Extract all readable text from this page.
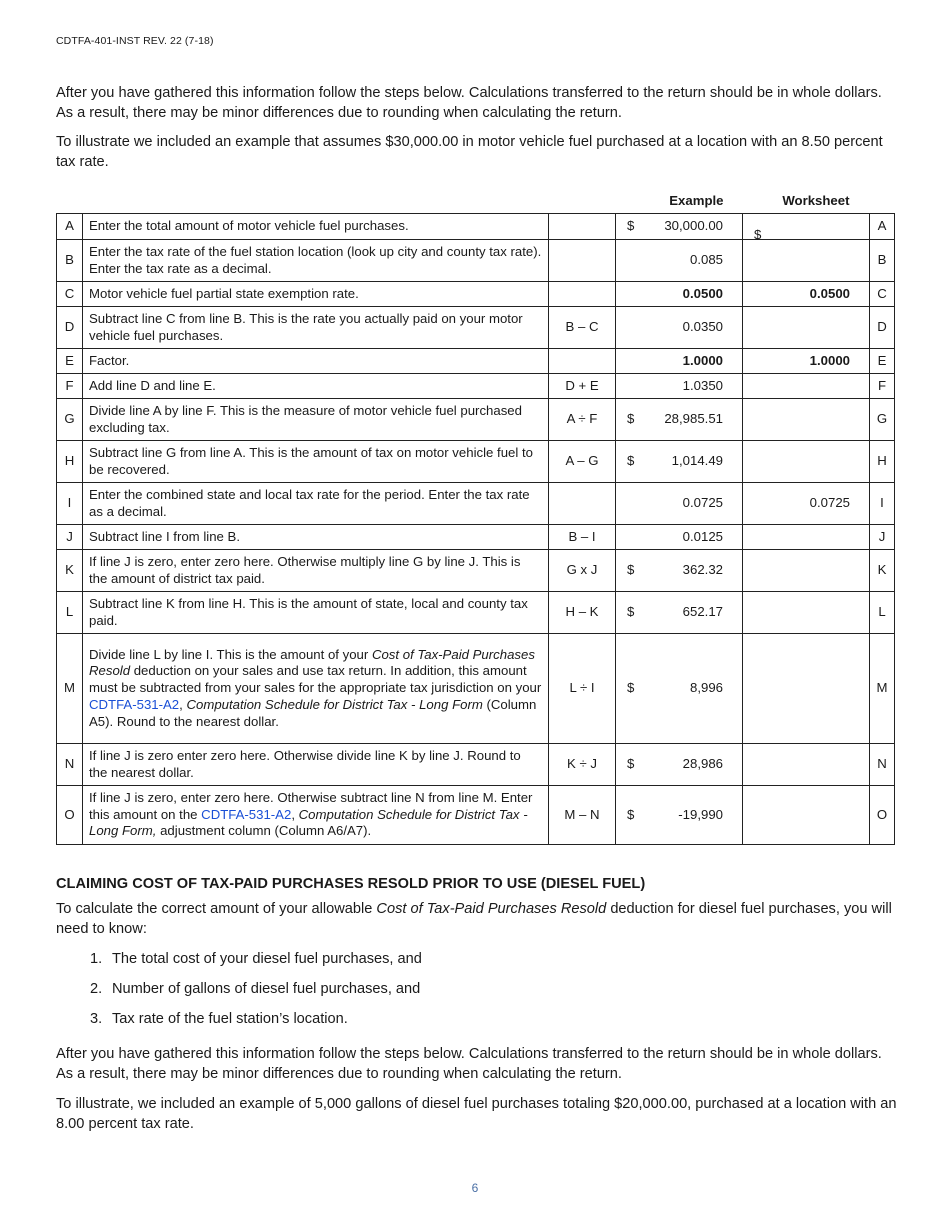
CDTFA-401-INST REV. 22 (7-18)

After you have gathered this information follow the steps below. Calculations transferred to the return should be in whole dollars. As a result, there may be minor differences due to rounding when calculating the return.

To illustrate we included an example that assumes $30,000.00 in motor vehicle fuel purchased at a location with an 8.50 percent tax rate.

			Example	Worksheet	
A	Enter the total amount of motor vehicle fuel purchases.		$ 30,000.00	$	A
B	Enter the tax rate of the fuel station location (look up city and county tax rate). Enter the tax rate as a decimal.		0.085		B
C	Motor vehicle fuel partial state exemption rate.		0.0500	0.0500	C
D	Subtract line C from line B. This is the rate you actually paid on your motor vehicle fuel purchases.	B – C	0.0350		D
E	Factor.		1.0000	1.0000	E
F	Add line D and line E.	D + E	1.0350		F
G	Divide line A by line F. This is the measure of motor vehicle fuel purchased excluding tax.	A ÷ F	$ 28,985.51		G
H	Subtract line G from line A. This is the amount of tax on motor vehicle fuel to be recovered.	A – G	$ 1,014.49		H
I	Enter the combined state and local tax rate for the period. Enter the tax rate as a decimal.		0.0725	0.0725	I
J	Subtract line I from line B.	B – I	0.0125		J
K	If line J is zero, enter zero here. Otherwise multiply line G by line J. This is the amount of district tax paid.	G x J	$ 362.32		K
L	Subtract line K from line H. This is the amount of state, local and county tax paid.	H – K	$ 652.17		L
M	Divide line L by line I. This is the amount of your Cost of Tax-Paid Purchases Resold deduction on your sales and use tax return. In addition, this amount must be subtracted from your sales for the appropriate tax jurisdiction on your CDTFA-531-A2, Computation Schedule for District Tax - Long Form (Column A5). Round to the nearest dollar.	L ÷ I	$ 8,996		M
N	If line J is zero enter zero here. Otherwise divide line K by line J. Round to the nearest dollar.	K ÷ J	$ 28,986		N
O	If line J is zero, enter zero here. Otherwise subtract line N from line M. Enter this amount on the CDTFA-531-A2, Computation Schedule for District Tax - Long Form, adjustment column (Column A6/A7).	M – N	$ -19,990		O
CLAIMING COST OF TAX-PAID PURCHASES RESOLD PRIOR TO USE (DIESEL FUEL)

To calculate the correct amount of your allowable Cost of Tax-Paid Purchases Resold deduction for diesel fuel purchases, you will need to know:

1. The total cost of your diesel fuel purchases, and
2. Number of gallons of diesel fuel purchases, and
3. Tax rate of the fuel station’s location.

After you have gathered this information follow the steps below. Calculations transferred to the return should be in whole dollars. As a result, there may be minor differences due to rounding when calculating the return.

To illustrate, we included an example of 5,000 gallons of diesel fuel purchases totaling $20,000.00, purchased at a location with an 8.00 percent tax rate.

6
